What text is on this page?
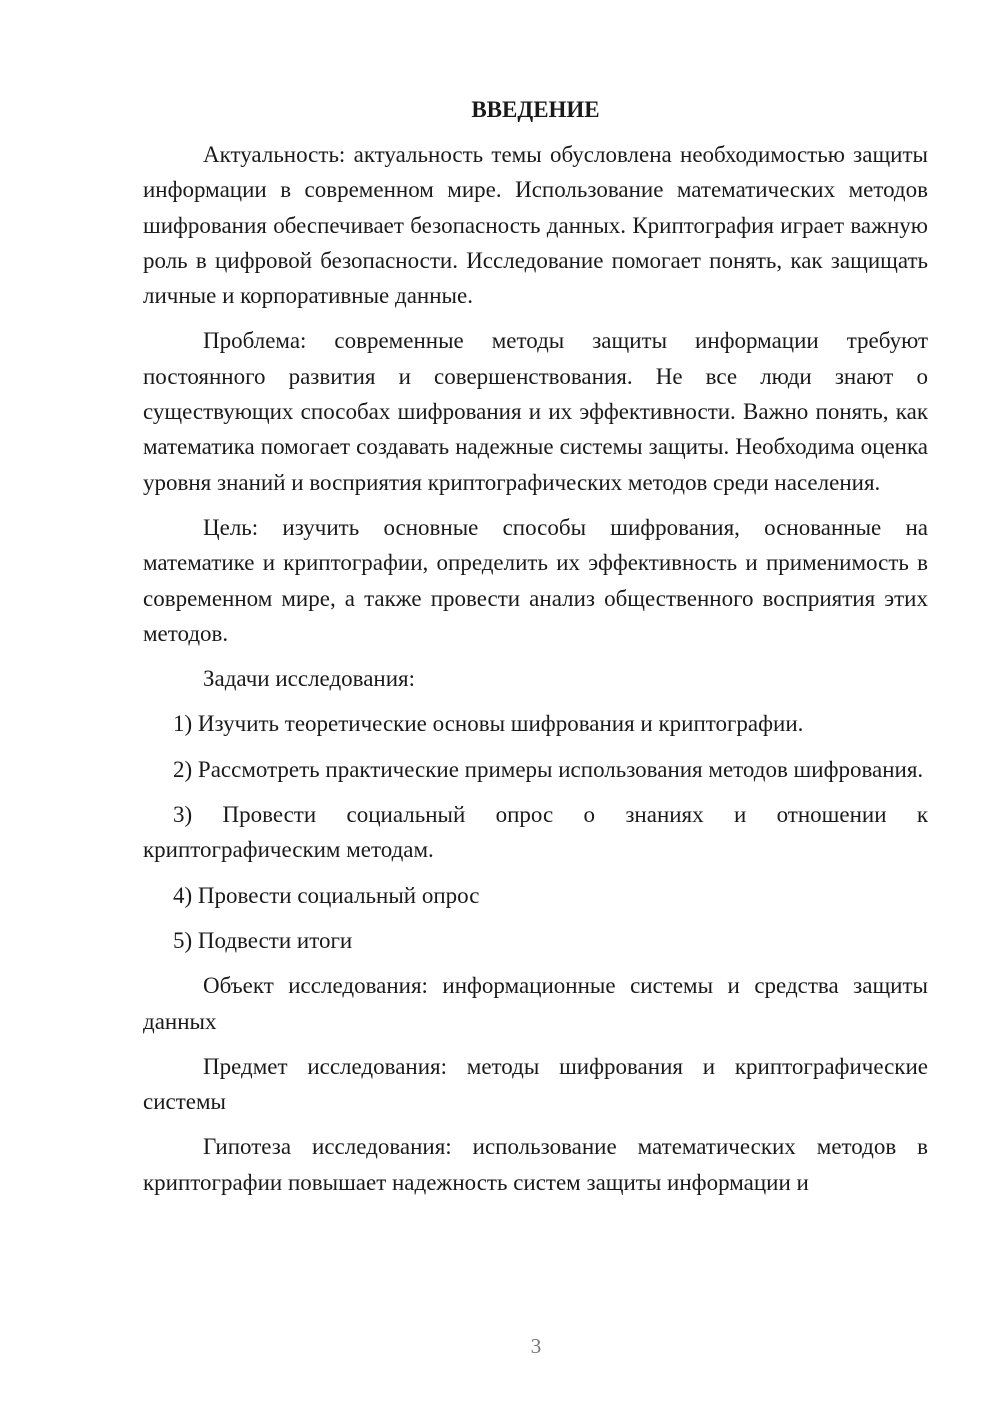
ВВЕДЕНИЕ

Актуальность: актуальность темы обусловлена необходимостью защиты информации в современном мире. Использование математических методов шифрования обеспечивает безопасность данных. Криптография играет важную роль в цифровой безопасности. Исследование помогает понять, как защищать личные и корпоративные данные.

Проблема: современные методы защиты информации требуют постоянного развития и совершенствования. Не все люди знают о существующих способах шифрования и их эффективности. Важно понять, как математика помогает создавать надежные системы защиты. Необходима оценка уровня знаний и восприятия криптографических методов среди населения.

Цель: изучить основные способы шифрования, основанные на математике и криптографии, определить их эффективность и применимость в современном мире, а также провести анализ общественного восприятия этих методов.

Задачи исследования:

1) Изучить теоретические основы шифрования и криптографии.

2) Рассмотреть практические примеры использования методов шифрования.

3) Провести социальный опрос о знаниях и отношении к криптографическим методам.

4) Провести социальный опрос

5) Подвести итоги

Объект исследования: информационные системы и средства защиты данных

Предмет исследования: методы шифрования и криптографические системы

Гипотеза исследования: использование математических методов в криптографии повышает надежность систем защиты информации и

3
